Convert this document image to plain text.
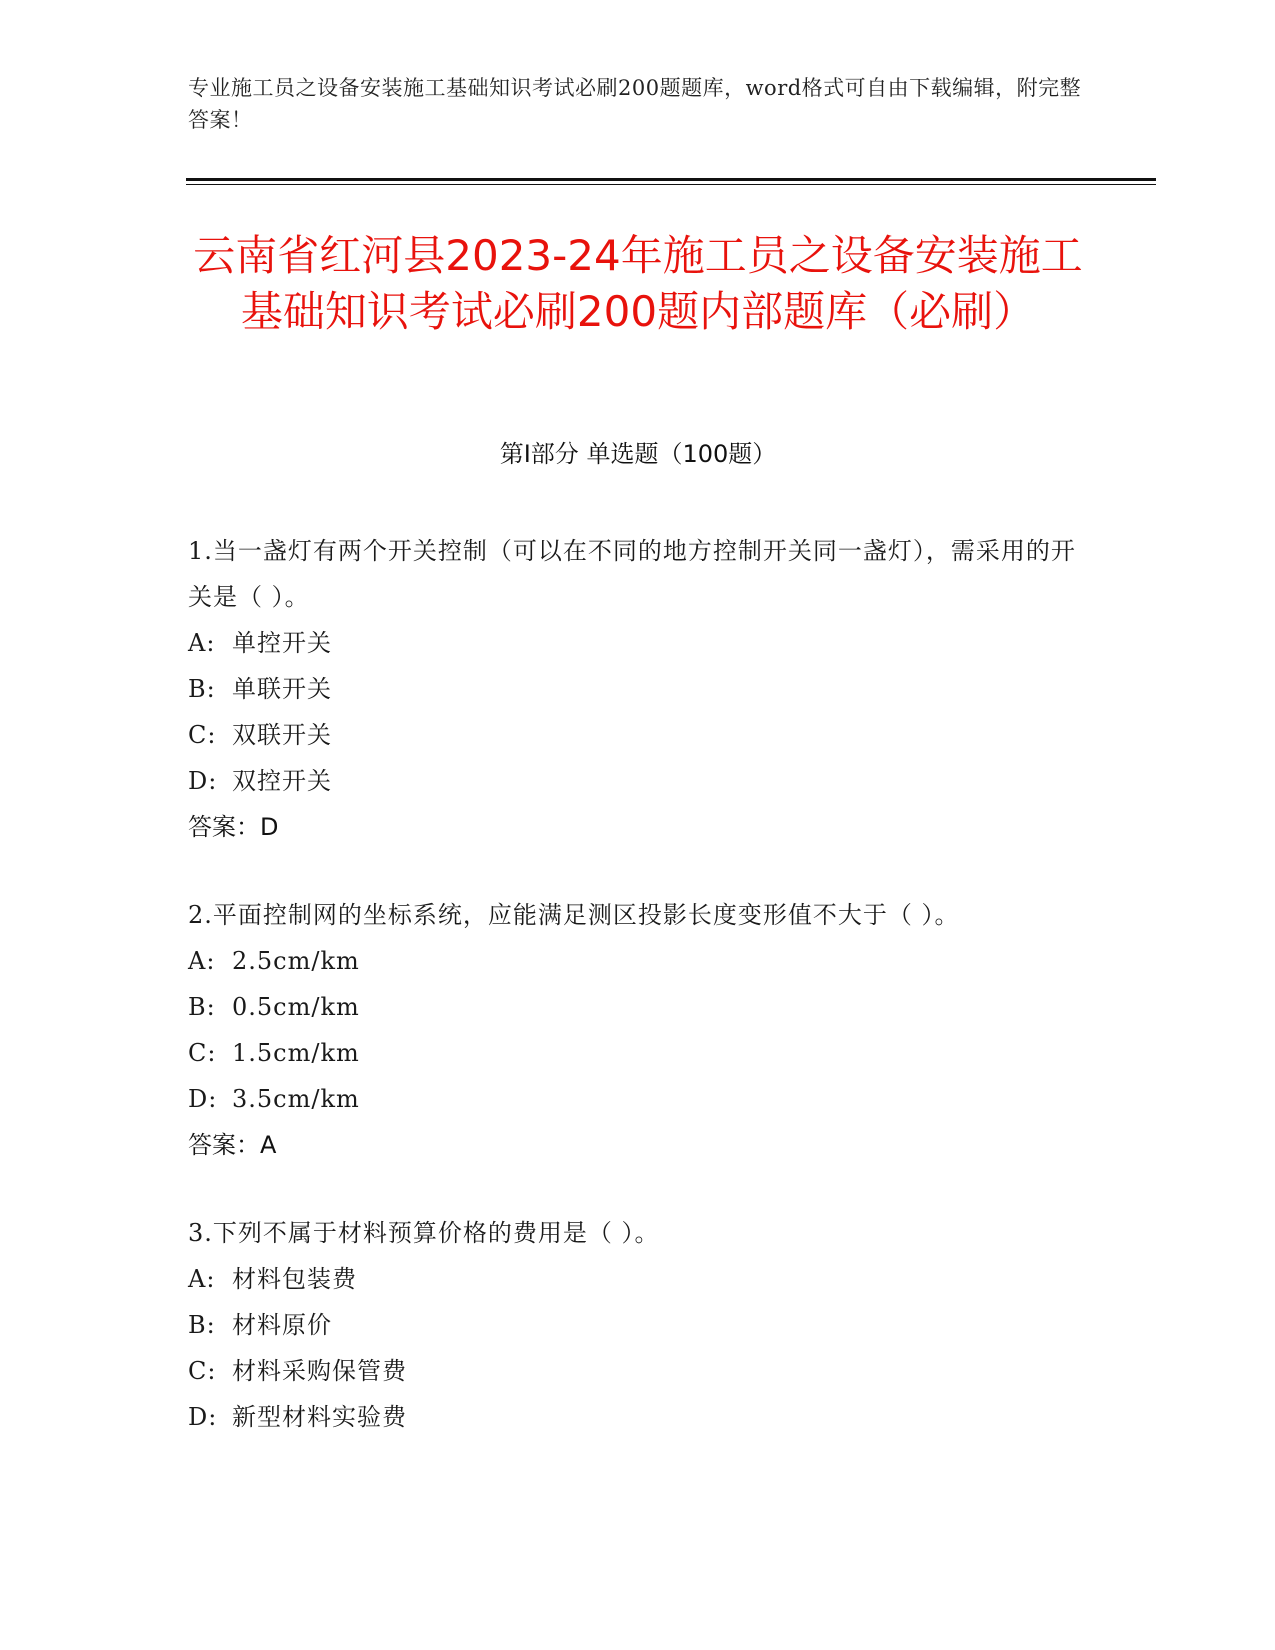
专业施工员之设备安装施工基础知识考试必刷200题题库，word格式可自由下载编辑，附完整答案！
云南省红河县2023-24年施工员之设备安装施工基础知识考试必刷200题内部题库（必刷）
第Ⅰ部分 单选题（100题）
1.当一盏灯有两个开关控制（可以在不同的地方控制开关同一盏灯），需采用的开关是（ ）。
A: 单控开关
B: 单联开关
C: 双联开关
D: 双控开关
答案：D
2.平面控制网的坐标系统，应能满足测区投影长度变形值不大于（ ）。
A: 2.5cm/km
B: 0.5cm/km
C: 1.5cm/km
D: 3.5cm/km
答案：A
3.下列不属于材料预算价格的费用是（ ）。
A: 材料包装费
B: 材料原价
C: 材料采购保管费
D: 新型材料实验费
